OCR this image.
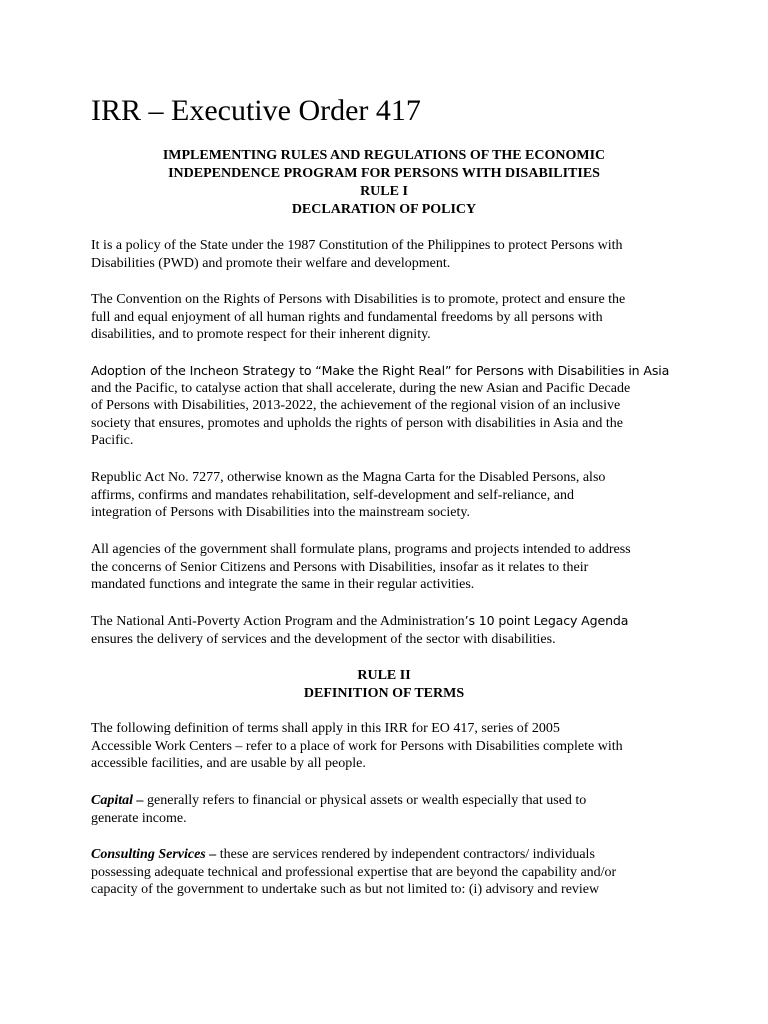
IRR – Executive Order 417
IMPLEMENTING RULES AND REGULATIONS OF THE ECONOMIC
INDEPENDENCE PROGRAM FOR PERSONS WITH DISABILITIES
RULE I
DECLARATION OF POLICY

It is a policy of the State under the 1987 Constitution of the Philippines to protect Persons with
Disabilities (PWD) and promote their welfare and development.

The Convention on the Rights of Persons with Disabilities is to promote, protect and ensure the
full and equal enjoyment of all human rights and fundamental freedoms by all persons with
disabilities, and to promote respect for their inherent dignity.

Adoption of the Incheon Strategy to “Make the Right Real” for Persons with Disabilities in Asia
and the Pacific, to catalyse action that shall accelerate, during the new Asian and Pacific Decade
of Persons with Disabilities, 2013-2022, the achievement of the regional vision of an inclusive
society that ensures, promotes and upholds the rights of person with disabilities in Asia and the
Pacific.

Republic Act No. 7277, otherwise known as the Magna Carta for the Disabled Persons, also
affirms, confirms and mandates rehabilitation, self-development and self-reliance, and
integration of Persons with Disabilities into the mainstream society.

All agencies of the government shall formulate plans, programs and projects intended to address
the concerns of Senior Citizens and Persons with Disabilities, insofar as it relates to their
mandated functions and integrate the same in their regular activities.

The National Anti-Poverty Action Program and the Administration’s 10 point Legacy Agenda
ensures the delivery of services and the development of the sector with disabilities.

RULE II
DEFINITION OF TERMS

The following definition of terms shall apply in this IRR for EO 417, series of 2005
Accessible Work Centers – refer to a place of work for Persons with Disabilities complete with
accessible facilities, and are usable by all people.

Capital – generally refers to financial or physical assets or wealth especially that used to
generate income.

Consulting Services – these are services rendered by independent contractors/ individuals
possessing adequate technical and professional expertise that are beyond the capability and/or
capacity of the government to undertake such as but not limited to: (i) advisory and review
